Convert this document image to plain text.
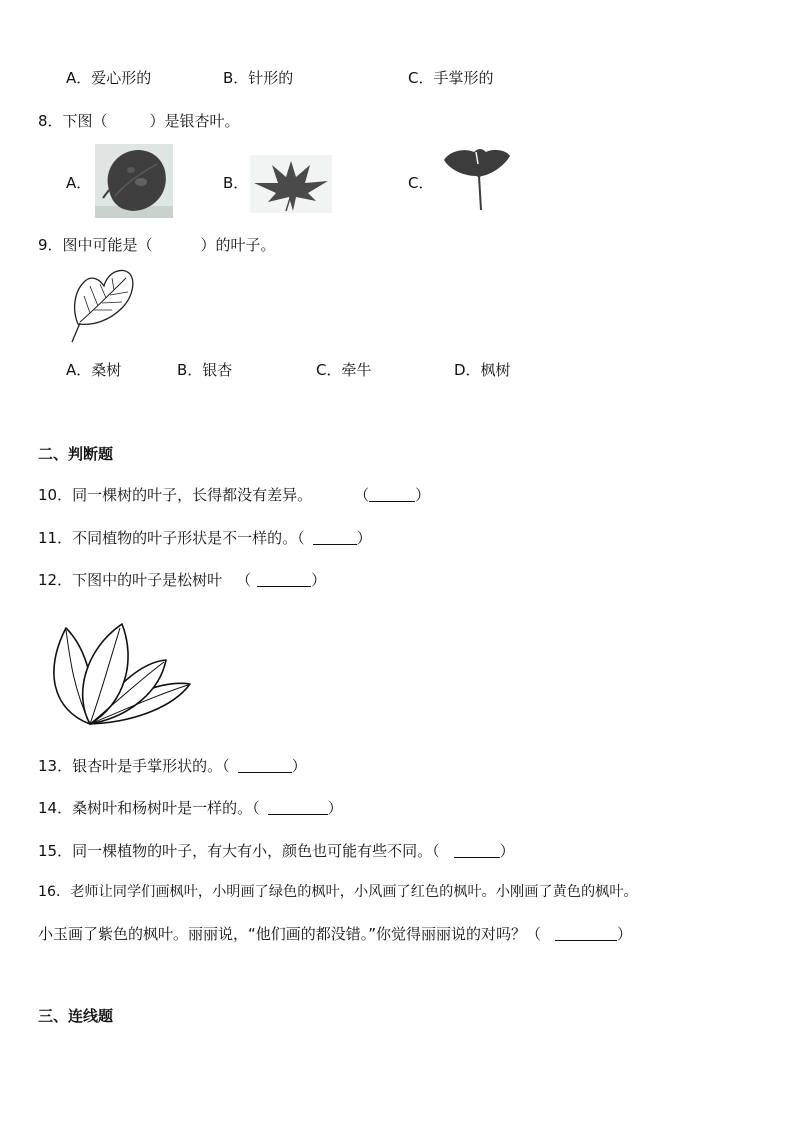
A．爱心形的	B．针形的	C．手掌形的
8．下图（	）是银杏叶。
A．	B．	C．
9．图中可能是（	）的叶子。
A．桑树	B．银杏	C．牵牛	D．枫树
二、判断题
10．同一棵树的叶子，长得都没有差异。	（	）
11．不同植物的叶子形状是不一样的。（	）
12．下图中的叶子是松树叶 （	）
13．银杏叶是手掌形状的。（	）
14．桑树叶和杨树叶是一样的。（	）
15．同一棵植物的叶子，有大有小，颜色也可能有些不同。（	）
16．老师让同学们画枫叶，小明画了绿色的枫叶，小风画了红色的枫叶。小刚画了黄色的枫叶。
小玉画了紫色的枫叶。丽丽说，“他们画的都没错。”你觉得丽丽说的对吗？（	）
三、连线题
